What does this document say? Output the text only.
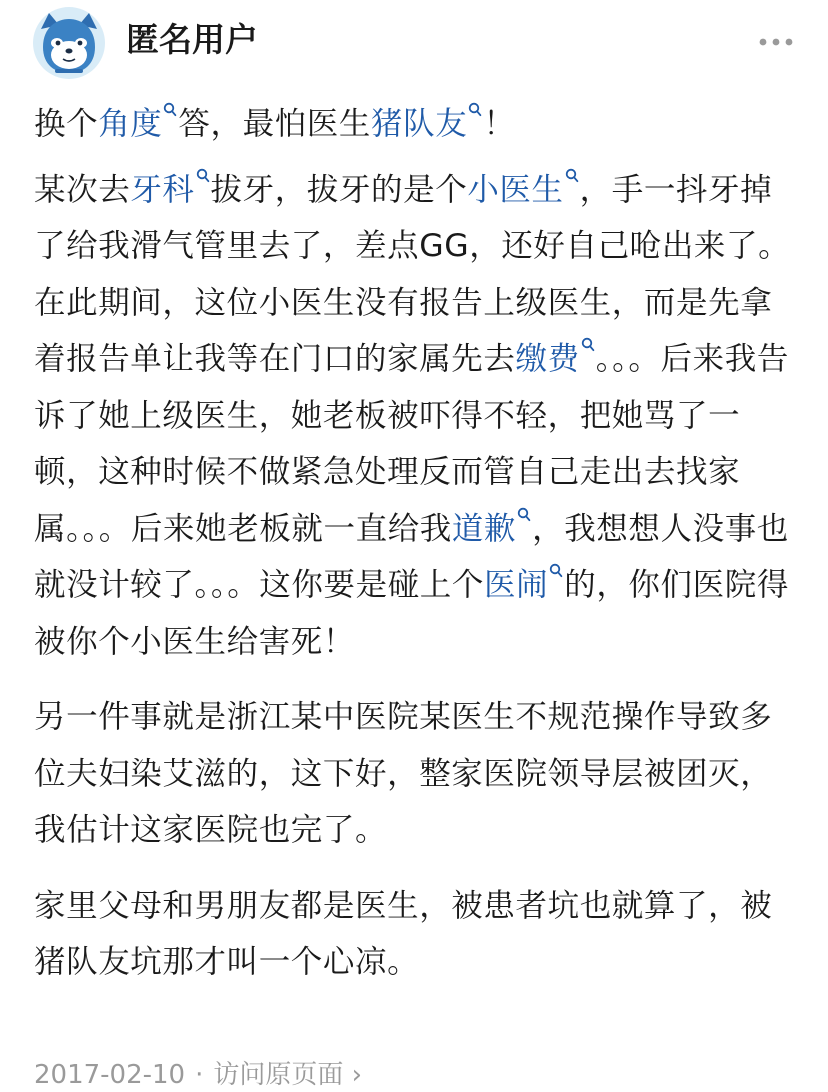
匿名用户

换个角度 答，最怕医生猪队友 ！

某次去牙科 拔牙，拔牙的是个小医生 ，手一抖牙掉了给我滑气管里去了，差点GG，还好自己呛出来了。在此期间，这位小医生没有报告上级医生，而是先拿着报告单让我等在门口的家属先去缴费 。。。后来我告诉了她上级医生，她老板被吓得不轻，把她骂了一顿，这种时候不做紧急处理反而管自己走出去找家属。。。后来她老板就一直给我道歉 ，我想想人没事也就没计较了。。。这你要是碰上个医闹 的，你们医院得被你个小医生给害死！

另一件事就是浙江某中医院某医生不规范操作导致多位夫妇染艾滋的，这下好，整家医院领导层被团灭，我估计这家医院也完了。

家里父母和男朋友都是医生，被患者坑也就算了，被猪队友坑那才叫一个心凉。

2017-02-10 · 访问原页面 ›
